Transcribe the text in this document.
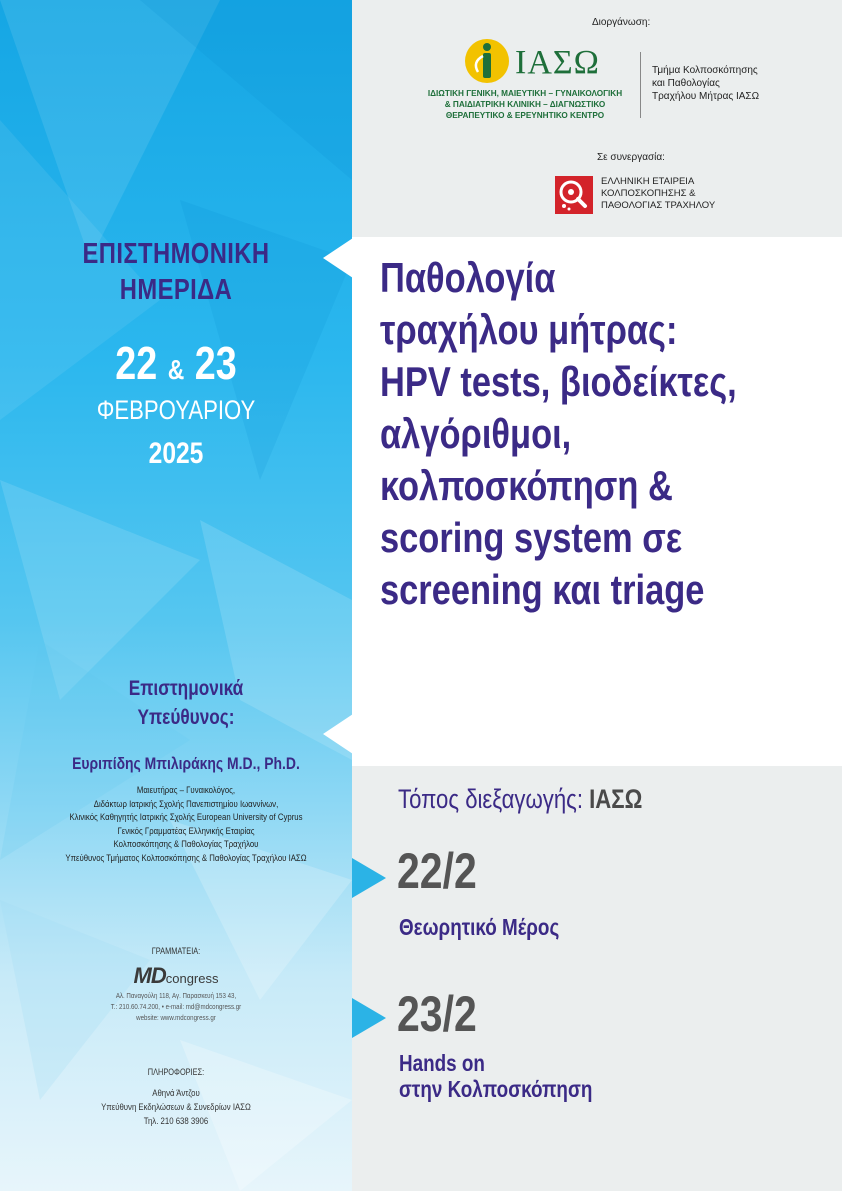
Διοργάνωση:
ΙΑΣΩ
ΙΔΙΩΤΙΚΗ ΓΕΝΙΚΗ, ΜΑΙΕΥΤΙΚΗ – ΓΥΝΑΙΚΟΛΟΓΙΚΗ
& ΠΑΙΔΙΑΤΡΙΚΗ ΚΛΙΝΙΚΗ – ΔΙΑΓΝΩΣΤΙΚΟ
ΘΕΡΑΠΕΥΤΙΚΟ & ΕΡΕΥΝΗΤΙΚΟ ΚΕΝΤΡΟ
Τμήμα Κολποσκόπησης
και Παθολογίας
Τραχήλου Μήτρας ΙΑΣΩ
Σε συνεργασία:
ΕΛΛΗΝΙΚΗ ΕΤΑΙΡΕΙΑ
ΚΟΛΠΟΣΚΟΠΗΣΗΣ &
ΠΑΘΟΛΟΓΙΑΣ ΤΡΑΧΗΛΟΥ
ΕΠΙΣΤΗΜΟΝΙΚΗ
ΗΜΕΡΙΔΑ
22 & 23
ΦΕΒΡΟΥΑΡΙΟΥ
2025
Παθολογία
τραχήλου μήτρας:
HPV tests, βιοδείκτες,
αλγόριθμοι,
κολποσκόπηση &
scoring system σε
screening και triage
Επιστημονικά
Υπεύθυνος:
Ευριπίδης Μπιλιράκης M.D., Ph.D.
Μαιευτήρας – Γυναικολόγος,
Διδάκτωρ Ιατρικής Σχολής Πανεπιστημίου Ιωαννίνων,
Κλινικός Καθηγητής Ιατρικής Σχολής European University of Cyprus
Γενικός Γραμματέας Ελληνικής Εταιρίας
Κολποσκόπησης & Παθολογίας Τραχήλου
Υπεύθυνος Τμήματος Κολποσκόπησης & Παθολογίας Τραχήλου ΙΑΣΩ
Τόπος διεξαγωγής: ΙΑΣΩ
22/2
Θεωρητικό Μέρος
23/2
Hands on
στην Κολποσκόπηση
ΓΡΑΜΜΑΤΕΙΑ:
MDcongress
Αλ. Παναγούλη 118, Αγ. Παρασκευή 153 43,
Τ.: 210.60.74.200, • e-mail: md@mdcongress.gr
website: www.mdcongress.gr
ΠΛΗΡΟΦΟΡΙΕΣ:
Αθηνά Άντζου
Υπεύθυνη Εκδηλώσεων & Συνεδρίων ΙΑΣΩ
Τηλ. 210 638 3906
